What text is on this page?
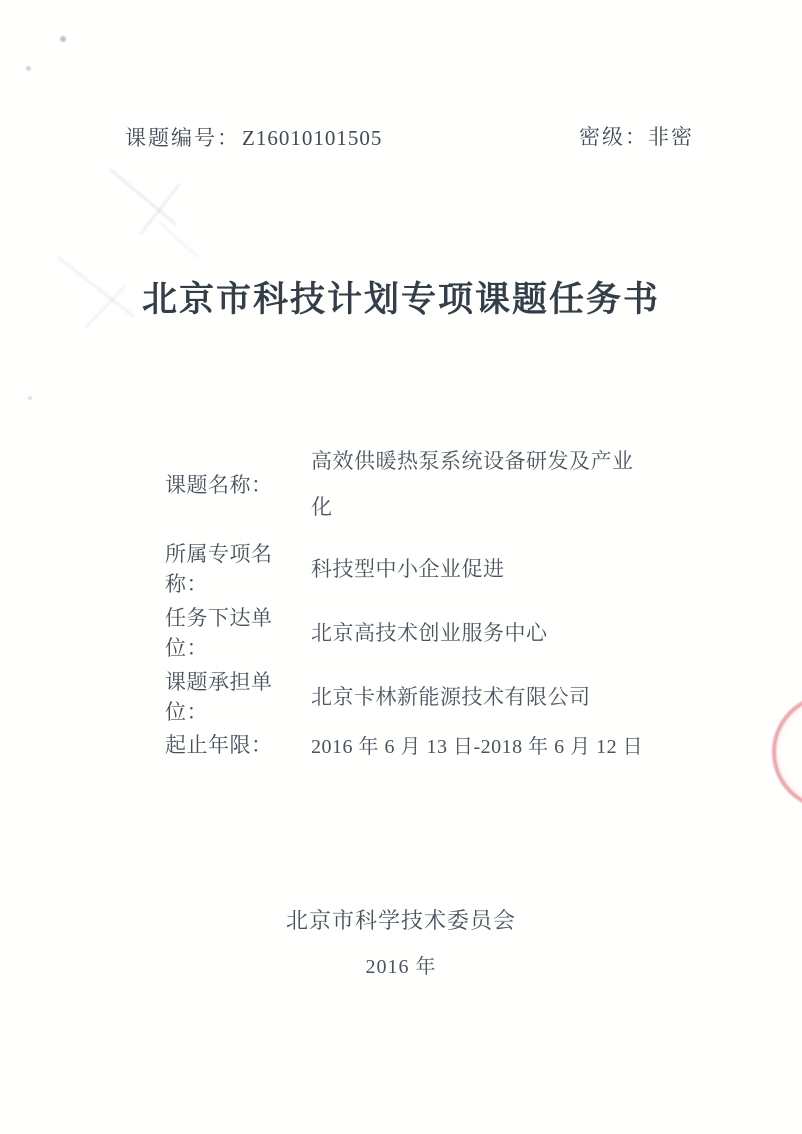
课题编号：Z16010101505	密级：非密
北京市科技计划专项课题任务书
课题名称：
高效供暖热泵系统设备研发及产业化
所属专项名称：
科技型中小企业促进
任务下达单位：
北京高技术创业服务中心
课题承担单位：
北京卡林新能源技术有限公司
起止年限：	2016 年 6 月 13 日-2018 年 6 月 12 日
北京市科学技术委员会
2016 年
